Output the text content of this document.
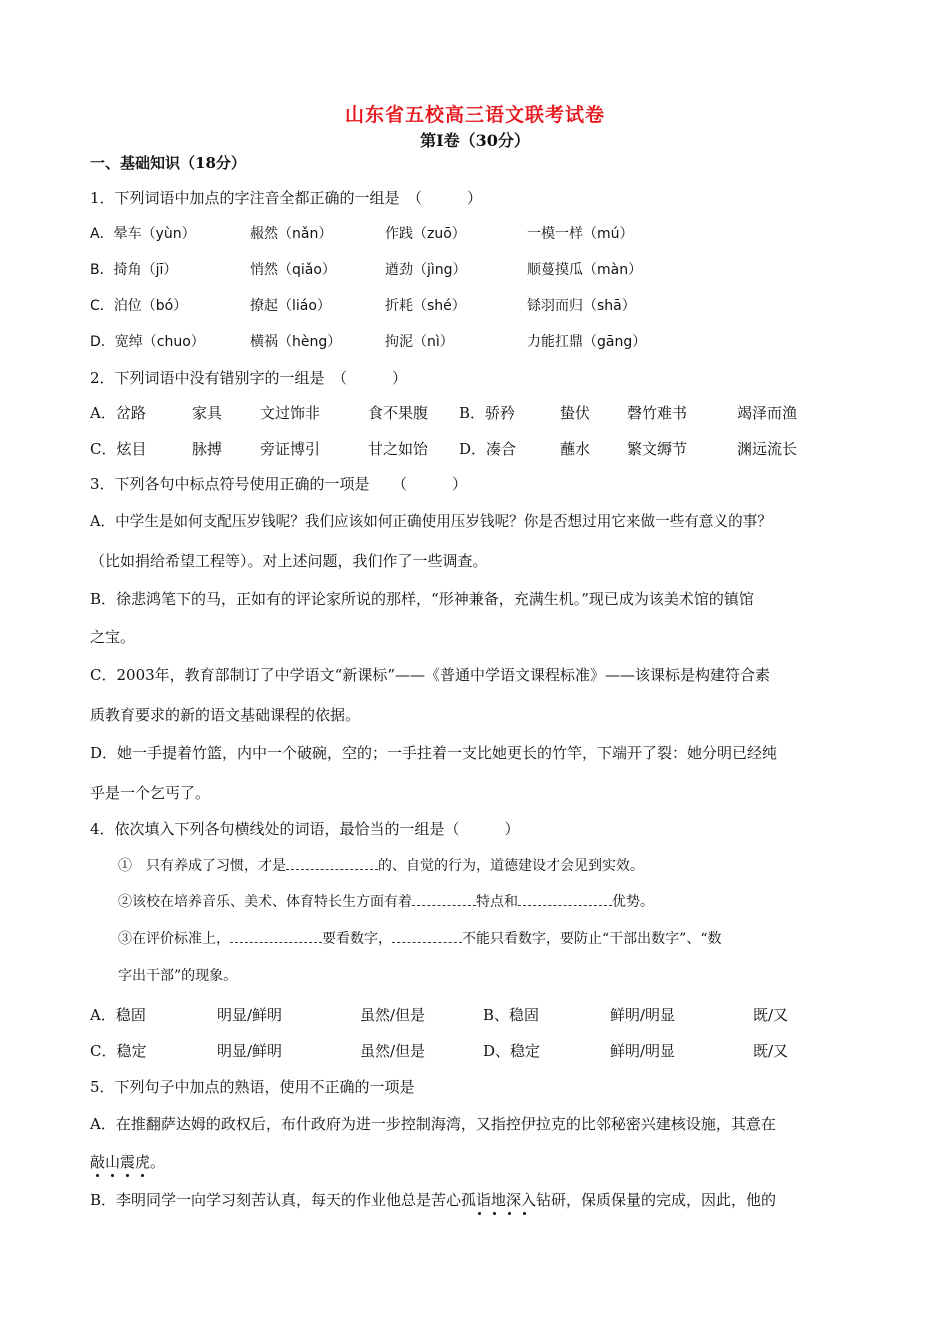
山东省五校高三语文联考试卷
第Ⅰ卷（30分）
一、基础知识（18分）
1．下列词语中加点的字注音全都正确的一组是　（　　　）
A．晕车（yùn）	赧然（nǎn）	作践（zuō）	一模一样（mú）
B．掎角（jī）	悄然（qiǎo）	遒劲（jìng）	顺蔓摸瓜（màn）
C．泊位（bó）	撩起（liáo）	折耗（shé）	铩羽而归（shā）
D．宽绰（chuo）	横祸（hèng）	拘泥（nì）	力能扛鼎（gāng）
2．下列词语中没有错别字的一组是　（　　　）
A．岔路	家具	文过饰非	食不果腹 B．骄矜	蛰伏 磬竹难书	竭泽而渔
C．炫目	脉搏	旁证博引	甘之如饴 D．凑合	蘸水 繁文缛节	渊远流长
3．下列各句中标点符号使用正确的一项是　　（　　　）
A．中学生是如何支配压岁钱呢？我们应该如何正确使用压岁钱呢？你是否想过用它来做一些有意义的事？
（比如捐给希望工程等）。对上述问题，我们作了一些调查。
B．徐悲鸿笔下的马，正如有的评论家所说的那样，“形神兼备，充满生机。”现已成为该美术馆的镇馆
之宝。
C．2003年，教育部制订了中学语文“新课标”——《普通中学语文课程标准》——该课标是构建符合素
质教育要求的新的语文基础课程的依据。
D．她一手提着竹篮，内中一个破碗，空的；一手拄着一支比她更长的竹竿，下端开了裂：她分明已经纯
乎是一个乞丐了。
4．依次填入下列各句横线处的词语，最恰当的一组是（　　　）
①　只有养成了习惯，才是	的、自觉的行为，道德建设才会见到实效。
②该校在培养音乐、美术、体育特长生方面有着	特点和	优势。
③在评价标准上，	要看数字，	不能只看数字，要防止“干部出数字”、“数
字出干部”的现象。
A．稳固	明显/鲜明	虽然/但是	B、稳固	鲜明/明显	既/又
C．稳定	明显/鲜明	虽然/但是	D、稳定	鲜明/明显	既/又
5．下列句子中加点的熟语，使用不正确的一项是
A．在推翻萨达姆的政权后，布什政府为进一步控制海湾，又指控伊拉克的比邻秘密兴建核设施，其意在
敲山震虎。
B．李明同学一向学习刻苦认真，每天的作业他总是苦心孤诣地深入钻研，保质保量的完成，因此，他的
